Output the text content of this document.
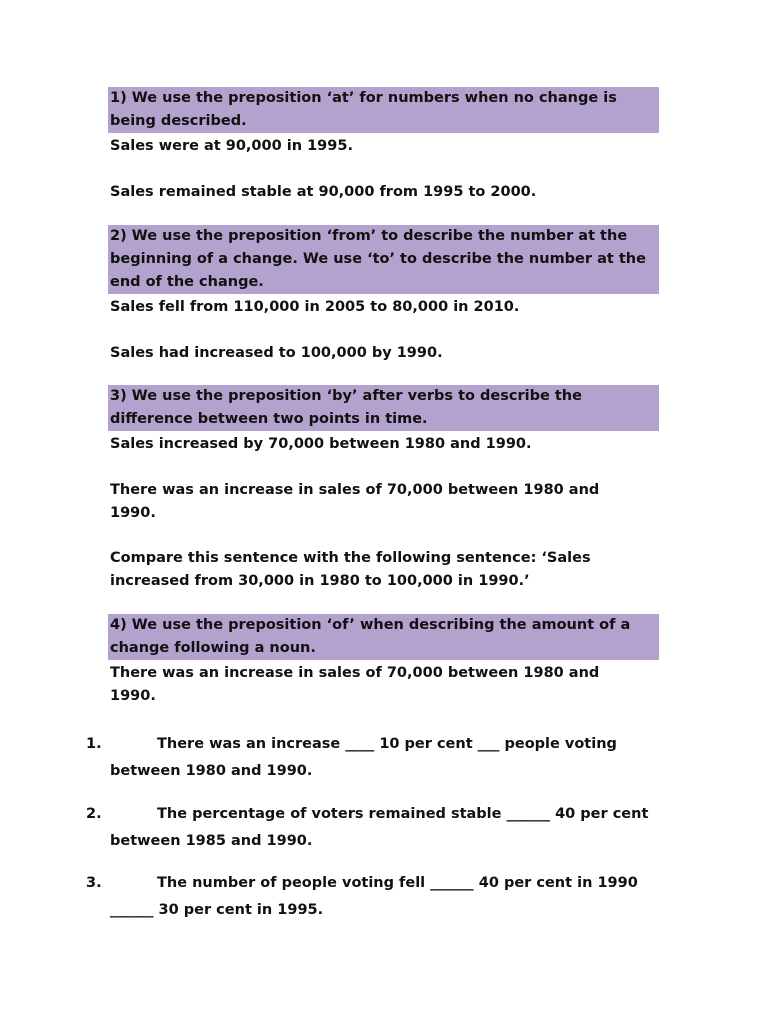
1) We use the preposition ‘at’ for numbers when no change is being described.
Sales were at 90,000 in 1995.
Sales remained stable at 90,000 from 1995 to 2000.
2) We use the preposition ‘from’ to describe the number at the beginning of a change. We use ‘to’ to describe the number at the end of the change.
Sales fell from 110,000 in 2005 to 80,000 in 2010.
Sales had increased to 100,000 by 1990.
3) We use the preposition ‘by’ after verbs to describe the difference between two points in time.
Sales increased by 70,000 between 1980 and 1990.
There was an increase in sales of 70,000 between 1980 and 1990.
Compare this sentence with the following sentence: ‘Sales increased from 30,000 in 1980 to 100,000 in 1990.’
4) We use the preposition ‘of’ when describing the amount of a change following a noun.
There was an increase in sales of 70,000 between 1980 and 1990.
1.	There was an increase ____ 10 per cent ___ people voting between 1980 and 1990.
2.	The percentage of voters remained stable ______ 40 per cent between 1985 and 1990.
3.	The number of people voting fell ______ 40 per cent in 1990 ______ 30 per cent in 1995.
